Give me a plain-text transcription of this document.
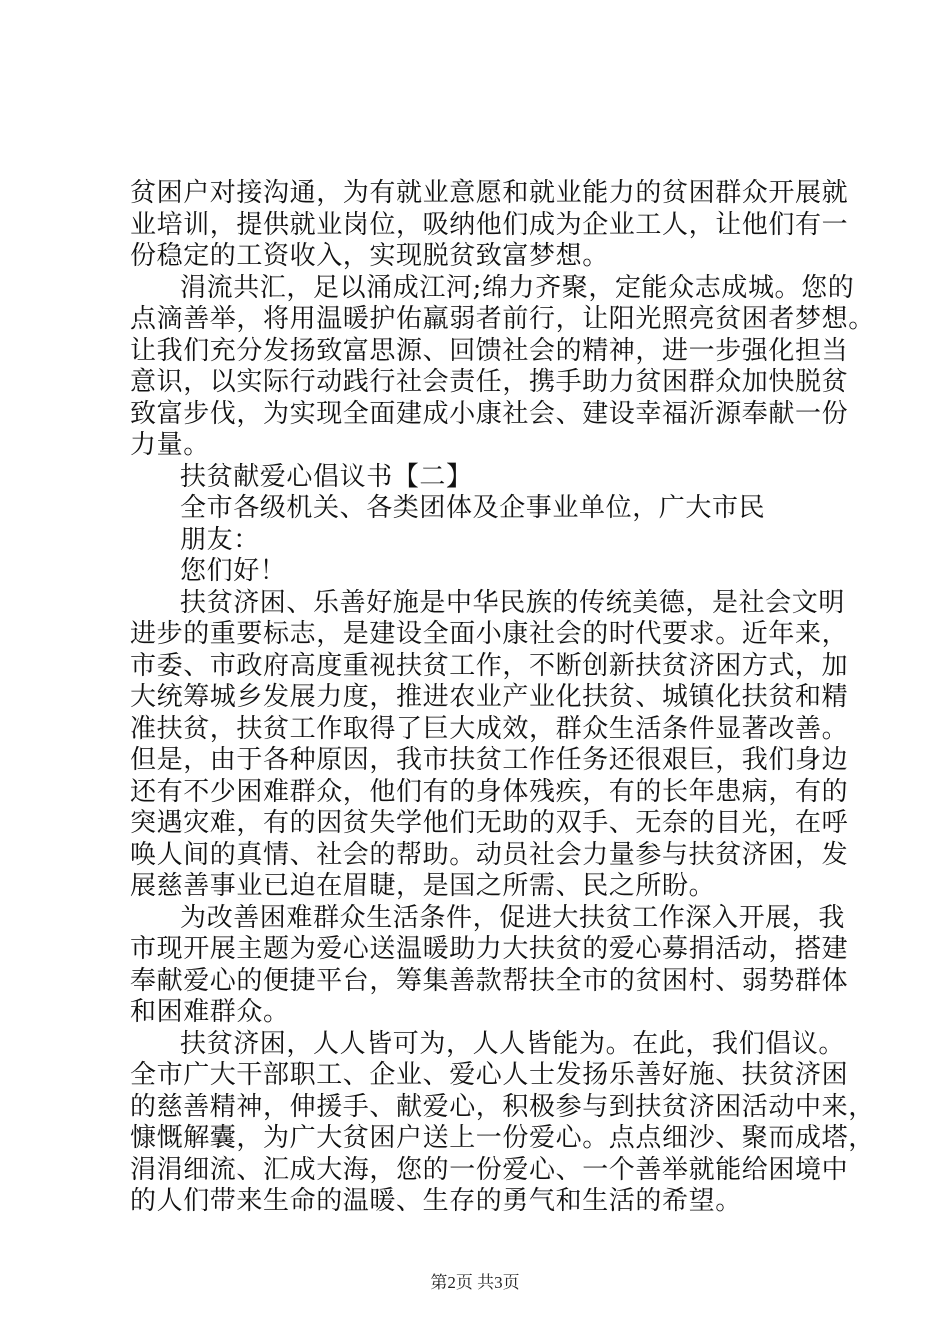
贫困户对接沟通，为有就业意愿和就业能力的贫困群众开展就
业培训，提供就业岗位，吸纳他们成为企业工人，让他们有一
份稳定的工资收入，实现脱贫致富梦想。
涓流共汇，足以涌成江河;绵力齐聚，定能众志成城。您的
点滴善举，将用温暖护佑羸弱者前行，让阳光照亮贫困者梦想。
让我们充分发扬致富思源、回馈社会的精神，进一步强化担当
意识，以实际行动践行社会责任，携手助力贫困群众加快脱贫
致富步伐，为实现全面建成小康社会、建设幸福沂源奉献一份
力量。
扶贫献爱心倡议书【二】
全市各级机关、各类团体及企事业单位，广大市民
朋友：
您们好！
扶贫济困、乐善好施是中华民族的传统美德，是社会文明
进步的重要标志，是建设全面小康社会的时代要求。近年来，
市委、市政府高度重视扶贫工作，不断创新扶贫济困方式，加
大统筹城乡发展力度，推进农业产业化扶贫、城镇化扶贫和精
准扶贫，扶贫工作取得了巨大成效，群众生活条件显著改善。
但是，由于各种原因，我市扶贫工作任务还很艰巨，我们身边
还有不少困难群众，他们有的身体残疾，有的长年患病，有的
突遇灾难，有的因贫失学他们无助的双手、无奈的目光，在呼
唤人间的真情、社会的帮助。动员社会力量参与扶贫济困，发
展慈善事业已迫在眉睫，是国之所需、民之所盼。
为改善困难群众生活条件，促进大扶贫工作深入开展，我
市现开展主题为爱心送温暖助力大扶贫的爱心募捐活动，搭建
奉献爱心的便捷平台，筹集善款帮扶全市的贫困村、弱势群体
和困难群众。
扶贫济困，人人皆可为，人人皆能为。在此，我们倡议。
全市广大干部职工、企业、爱心人士发扬乐善好施、扶贫济困
的慈善精神，伸援手、献爱心，积极参与到扶贫济困活动中来，
慷慨解囊，为广大贫困户送上一份爱心。点点细沙、聚而成塔，
涓涓细流、汇成大海，您的一份爱心、一个善举就能给困境中
的人们带来生命的温暖、生存的勇气和生活的希望。
第2页 共3页
